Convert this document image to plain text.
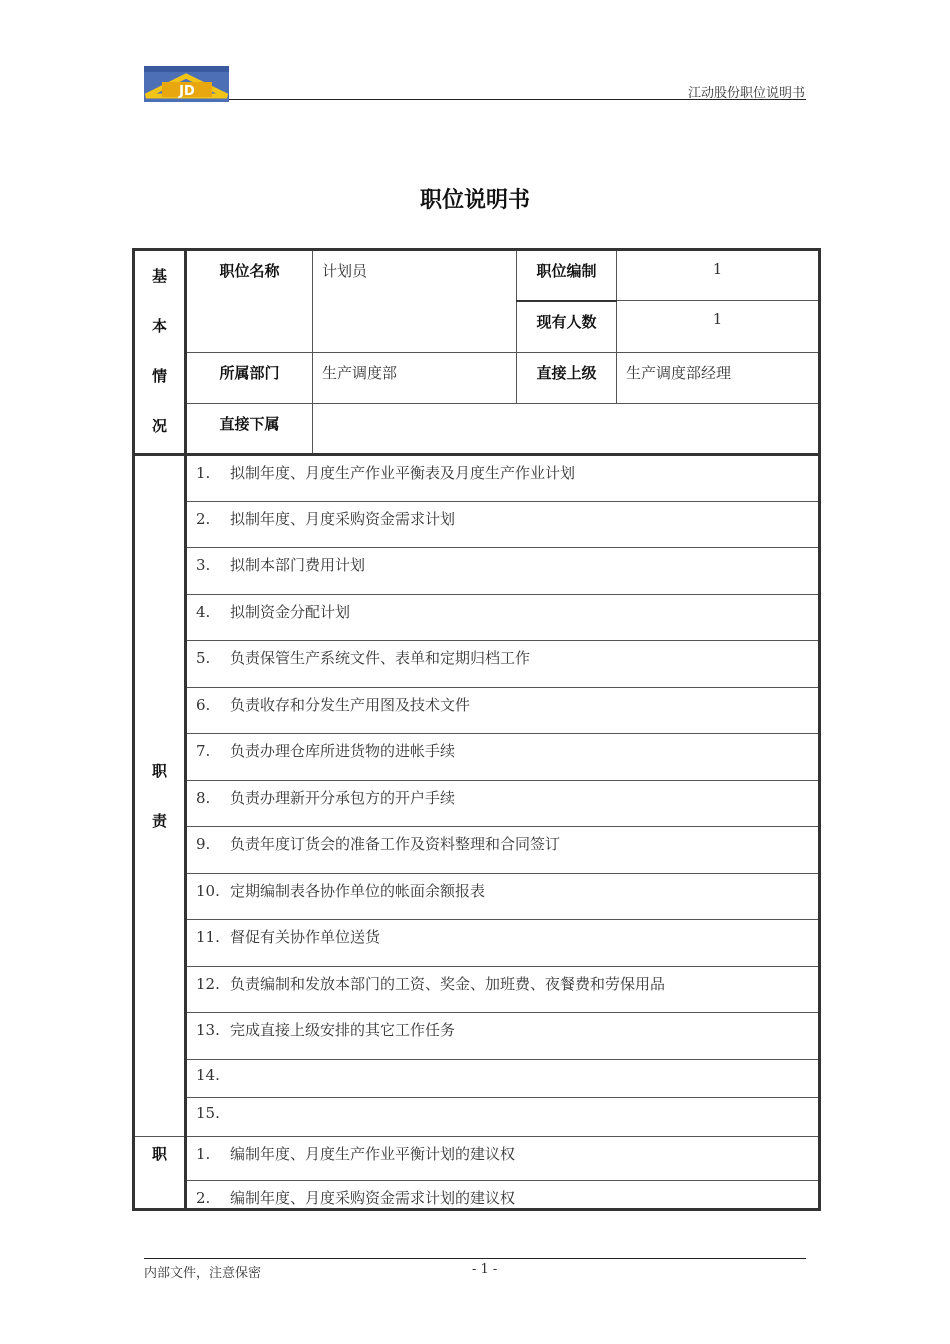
JD	江动股份职位说明书
职位说明书
基
本
情
况	职位名称	计划员	职位编制	1
			现有人数	1
	所属部门	生产调度部	直接上级	生产调度部经理
	直接下属			

职
责	1. 拟制年度、月度生产作业平衡表及月度生产作业计划			
	2. 拟制年度、月度采购资金需求计划			
	3. 拟制本部门费用计划			
	4. 拟制资金分配计划			
	5. 负责保管生产系统文件、表单和定期归档工作			
	6. 负责收存和分发生产用图及技术文件			
	7. 负责办理仓库所进货物的进帐手续			
	8. 负责办理新开分承包方的开户手续			
	9. 负责年度订货会的准备工作及资料整理和合同签订			
	10. 定期编制表各协作单位的帐面余额报表			
	11. 督促有关协作单位送货			
	12. 负责编制和发放本部门的工资、奖金、加班费、夜餐费和劳保用品			
	13. 完成直接上级安排的其它工作任务			
	14.			
	15.			
职	1. 编制年度、月度生产作业平衡计划的建议权			
	2. 编制年度、月度采购资金需求计划的建议权			
内部文件，注意保密	- 1 -
